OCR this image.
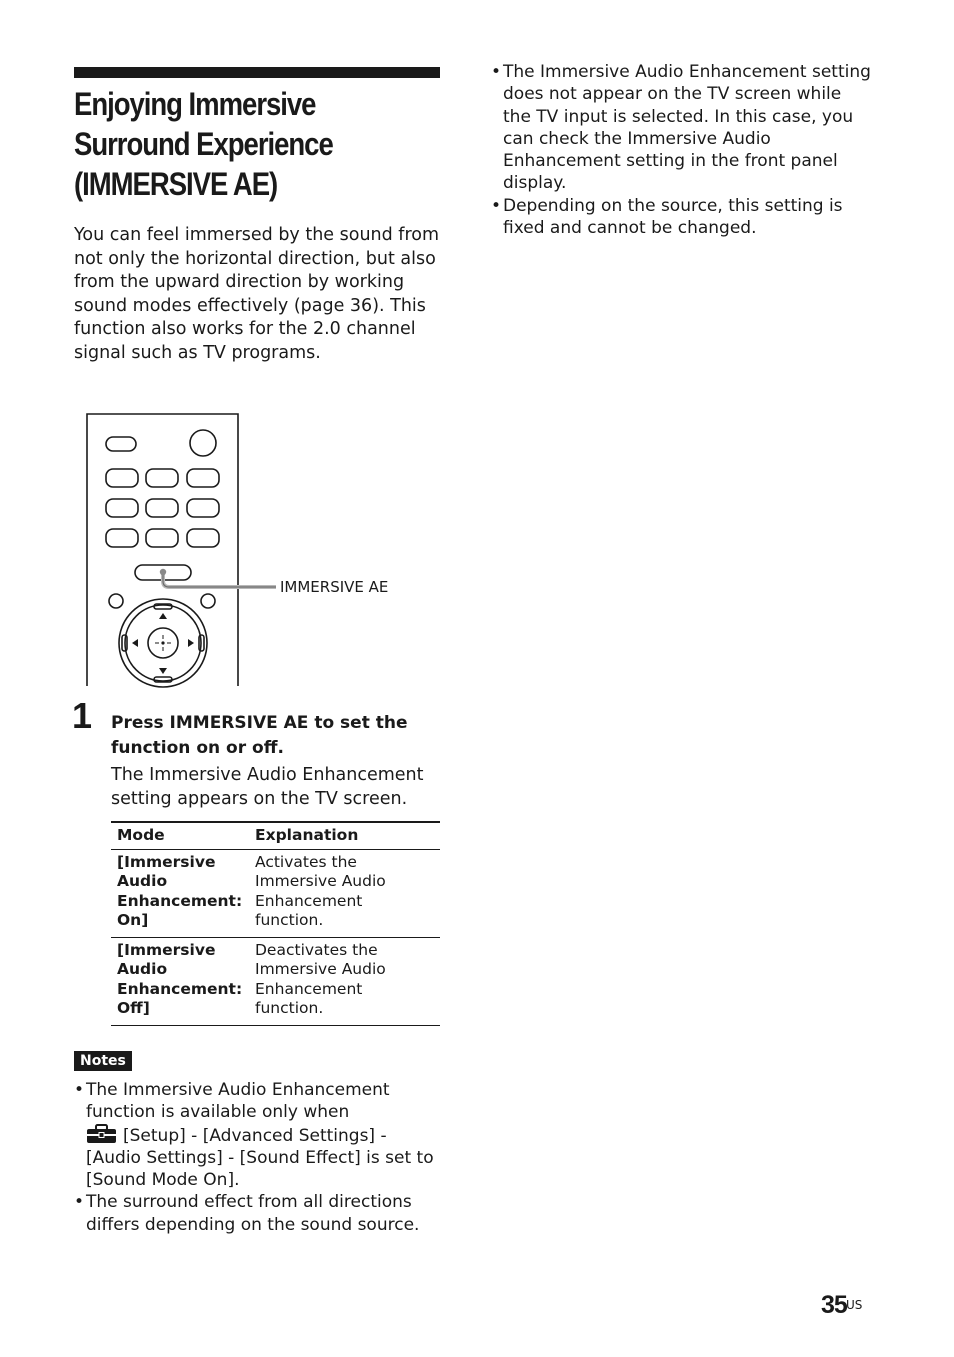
Enjoying Immersive
Surround Experience
(IMMERSIVE AE)

You can feel immersed by the sound from not only the horizontal direction, but also from the upward direction by working sound modes effectively (page 36). This function also works for the 2.0 channel signal such as TV programs.

IMMERSIVE AE
1 Press IMMERSIVE AE to set the function on or off.

The Immersive Audio Enhancement setting appears on the TV screen.

Mode	Explanation
[Immersive Audio Enhancement: On]	Activates the Immersive Audio Enhancement function.
[Immersive Audio Enhancement: Off]	Deactivates the Immersive Audio Enhancement function.
Notes
• The Immersive Audio Enhancement function is available only when
[Setup] - [Advanced Settings] - [Audio Settings] - [Sound Effect] is set to [Sound Mode On].
• The surround effect from all directions differs depending on the sound source.
• The Immersive Audio Enhancement setting does not appear on the TV screen while the TV input is selected. In this case, you can check the Immersive Audio Enhancement setting in the front panel display.
• Depending on the source, this setting is fixed and cannot be changed.
35 US
